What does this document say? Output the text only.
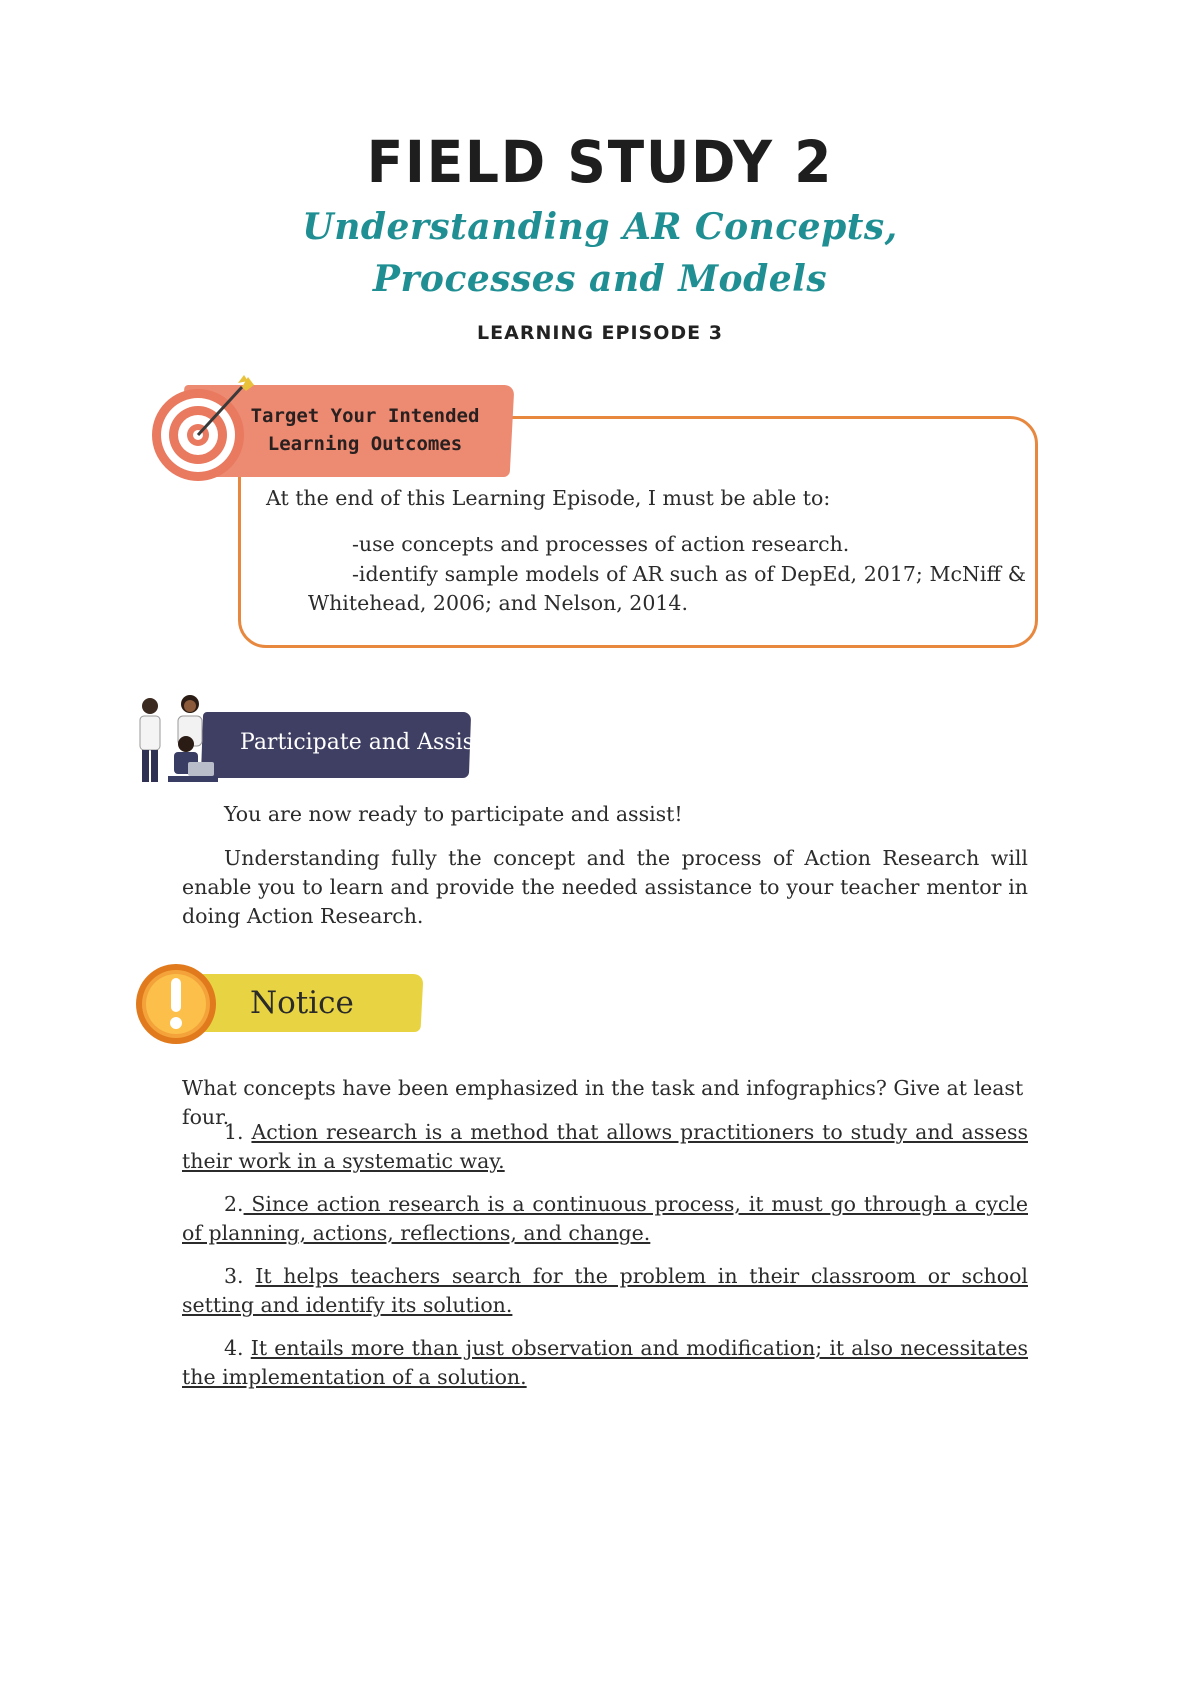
FIELD STUDY 2
Understanding AR Concepts,
Processes and Models
LEARNING EPISODE 3
Target Your Intended
Learning Outcomes
At the end of this Learning Episode, I must be able to:
-use concepts and processes of action research.
-identify sample models of AR such as of DepEd, 2017; McNiff & Whitehead, 2006; and Nelson, 2014.
Participate and Assist
You are now ready to participate and assist!
Understanding fully the concept and the process of Action Research will enable you to learn and provide the needed assistance to your teacher mentor in doing Action Research.
Notice
What concepts have been emphasized in the task and infographics? Give at least four.
1. Action research is a method that allows practitioners to study and assess their work in a systematic way.
2. Since action research is a continuous process, it must go through a cycle of planning, actions, reflections, and change.
3. It helps teachers search for the problem in their classroom or school setting and identify its solution.
4. It entails more than just observation and modification; it also necessitates the implementation of a solution.
